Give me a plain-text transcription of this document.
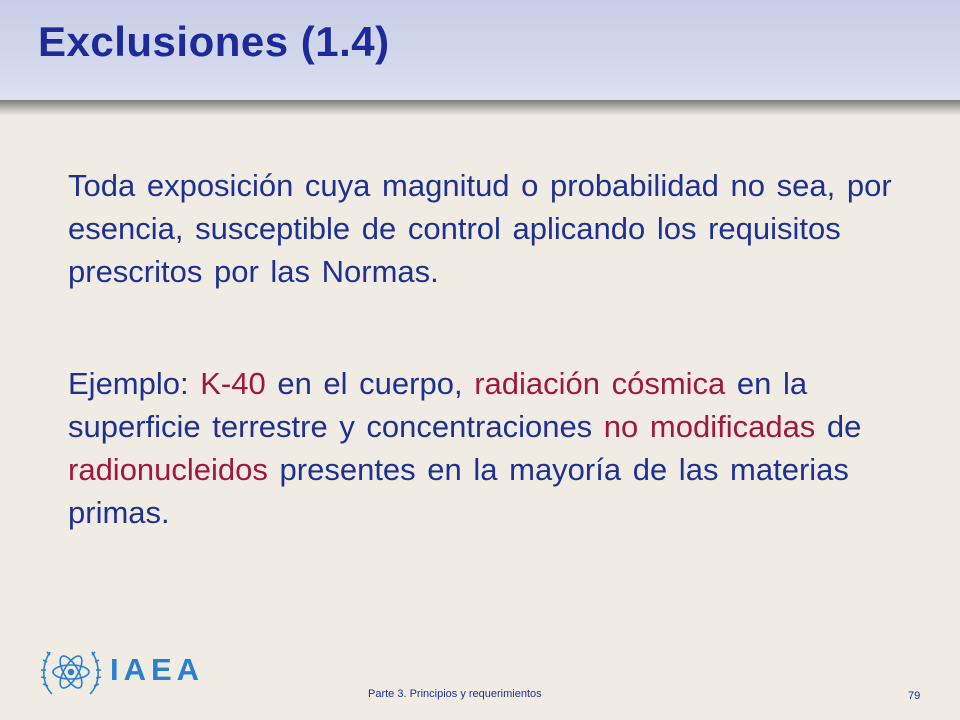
Exclusiones (1.4)

Toda exposición cuya magnitud o probabilidad no sea, por esencia, susceptible de control aplicando los requisitos prescritos por las Normas.

Ejemplo: K-40 en el cuerpo, radiación cósmica en la superficie terrestre y concentraciones no modificadas de radionucleidos presentes en la mayoría de las materias primas.

IAEA

Parte 3. Principios y requerimientos	79
